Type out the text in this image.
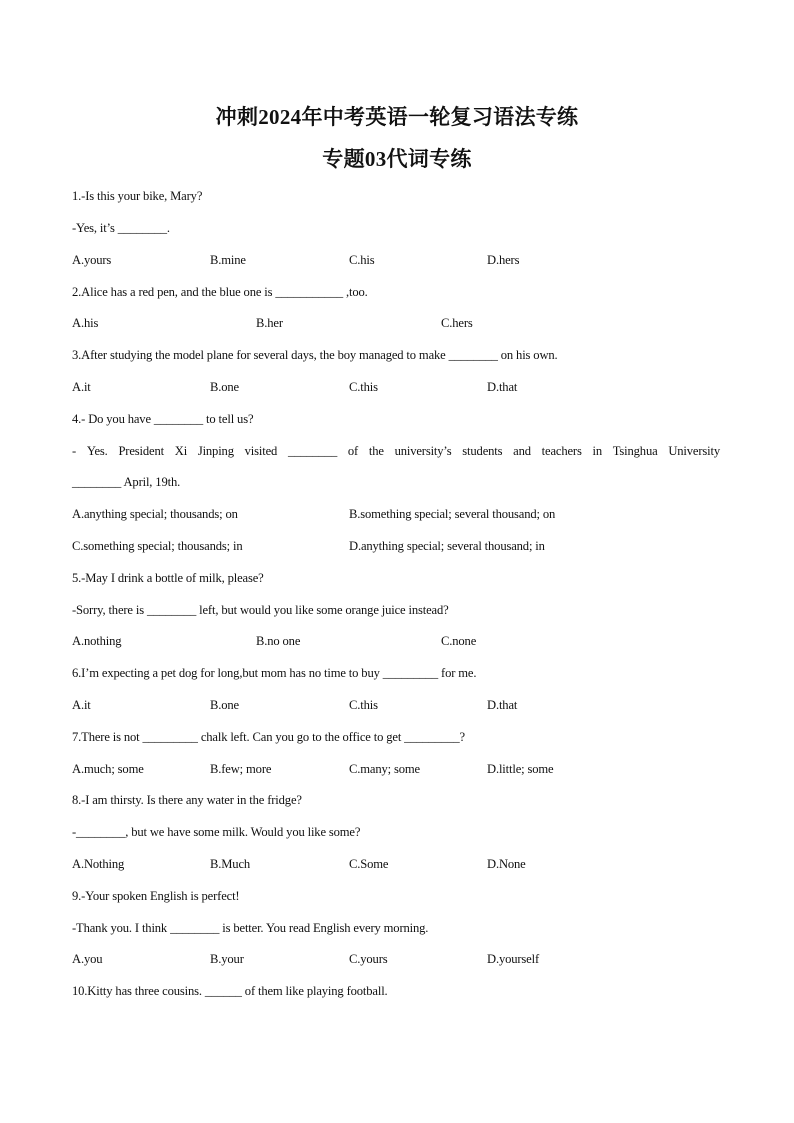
冲刺2024年中考英语一轮复习语法专练
专题03代词专练
1.-Is this your bike, Mary?
-Yes, it’s ________.
A.yours	B.mine	C.his	D.hers
2.Alice has a red pen, and the blue one is ___________ ,too.
A.his	B.her	C.hers
3.After studying the model plane for several days, the boy managed to make ________ on his own.
A.it	B.one	C.this	D.that
4.- Do you have ________ to tell us?
- Yes. President Xi Jinping visited ________ of the university’s students and teachers in Tsinghua University
________ April, 19th.
A.anything special; thousands; on	B.something special; several thousand; on
C.something special; thousands; in	D.anything special; several thousand; in
5.-May I drink a bottle of milk, please?
-Sorry, there is ________ left, but would you like some orange juice instead?
A.nothing	B.no one	C.none
6.I’m expecting a pet dog for long,but mom has no time to buy _________ for me.
A.it	B.one	C.this	D.that
7.There is not _________ chalk left. Can you go to the office to get _________?
A.much; some	B.few; more	C.many; some	D.little; some
8.-I am thirsty. Is there any water in the fridge?
-________, but we have some milk. Would you like some?
A.Nothing	B.Much	C.Some	D.None
9.-Your spoken English is perfect!
-Thank you. I think ________ is better. You read English every morning.
A.you	B.your	C.yours	D.yourself
10.Kitty has three cousins. ______ of them like playing football.
